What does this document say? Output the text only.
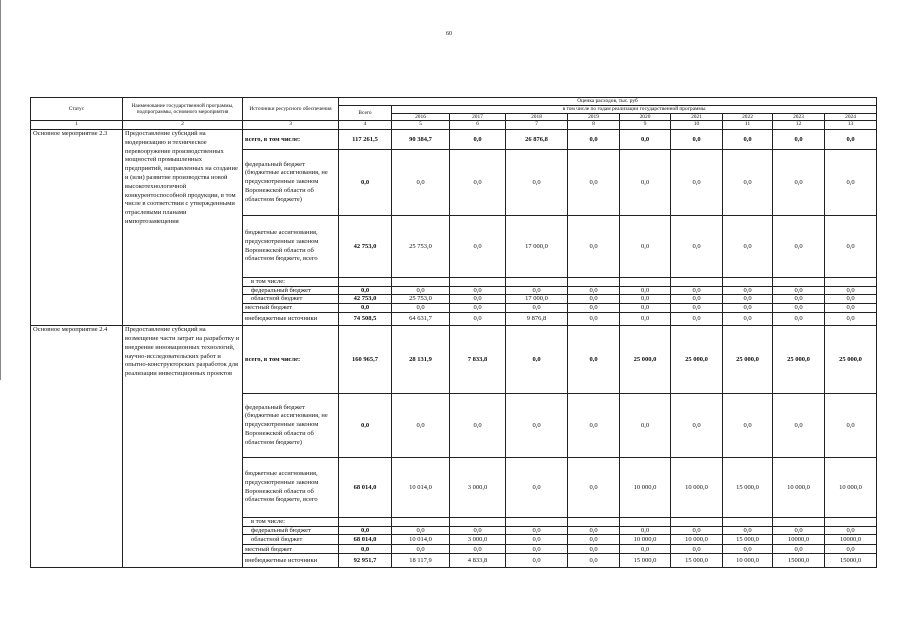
60
Статус	Наименование государственной программы, подпрограммы, основного мероприятия	Источники ресурсного обеспечения	Оценка расходов, тыс. руб									
			Всего	в том числе по годам реализации государственной программы								
				2016	2017	2018	2019	2020	2021	2022	2023	2024
1	2	3	4	5	6	7	8	9	10	11	12	13
Основное мероприятие 2.3	Предоставление субсидий на модернизацию и техническое перевооружение производственных мощностей промышленных предприятий, направленных на создание и (или) развитие производства новой высокотехнологичной конкурентоспособной продукции, в том числе в соответствии с утвержденными отраслевыми планами импортозамещения	всего, в том числе:	117 261,5	90 384,7	0,0	26 876,8	0,0	0,0	0,0	0,0	0,0	0,0
		федеральный бюджет (бюджетные ассигнования, не предусмотренные законом Воронежской области об областном бюджете)	0,0	0,0	0,0	0,0	0,0	0,0	0,0	0,0	0,0	0,0
		бюджетные ассигнования, предусмотренные законом Воронежской области об областном бюджете, всего	42 753,0	25 753,0	0,0	17 000,0	0,0	0,0	0,0	0,0	0,0	0,0
		в том числе:										
		федеральный бюджет	0,0	0,0	0,0	0,0	0,0	0,0	0,0	0,0	0,0	0,0
		областной бюджет	42 753,0	25 753,0	0,0	17 000,0	0,0	0,0	0,0	0,0	0,0	0,0
		местный бюджет	0,0	0,0	0,0	0,0	0,0	0,0	0,0	0,0	0,0	0,0
		внебюджетные источники	74 508,5	64 631,7	0,0	9 876,8	0,0	0,0	0,0	0,0	0,0	0,0
Основное мероприятие 2.4	Предоставление субсидий на возмещение части затрат на разработку и внедрение инновационных технологий, научно-исследовательских работ и опытно-конструкторских разработок для реализации инвестиционных проектов	всего, в том числе:	160 965,7	28 131,9	7 833,8	0,0	0,0	25 000,0	25 000,0	25 000,0	25 000,0	25 000,0
		федеральный бюджет (бюджетные ассигнования, не предусмотренные законом Воронежской области об областном бюджете)	0,0	0,0	0,0	0,0	0,0	0,0	0,0	0,0	0,0	0,0
		бюджетные ассигнования, предусмотренные законом Воронежской области об областном бюджете, всего	68 014,0	10 014,0	3 000,0	0,0	0,0	10 000,0	10 000,0	15 000,0	10 000,0	10 000,0
		в том числе:										
		федеральный бюджет	0,0	0,0	0,0	0,0	0,0	0,0	0,0	0,0	0,0	0,0
		областной бюджет	68 014,0	10 014,0	3 000,0	0,0	0,0	10 000,0	10 000,0	15 000,0	10000,0	10000,0
		местный бюджет	0,0	0,0	0,0	0,0	0,0	0,0	0,0	0,0	0,0	0,0
		внебюджетные источники	92 951,7	18 117,9	4 833,8	0,0	0,0	15 000,0	15 000,0	10 000,0	15000,0	15000,0
